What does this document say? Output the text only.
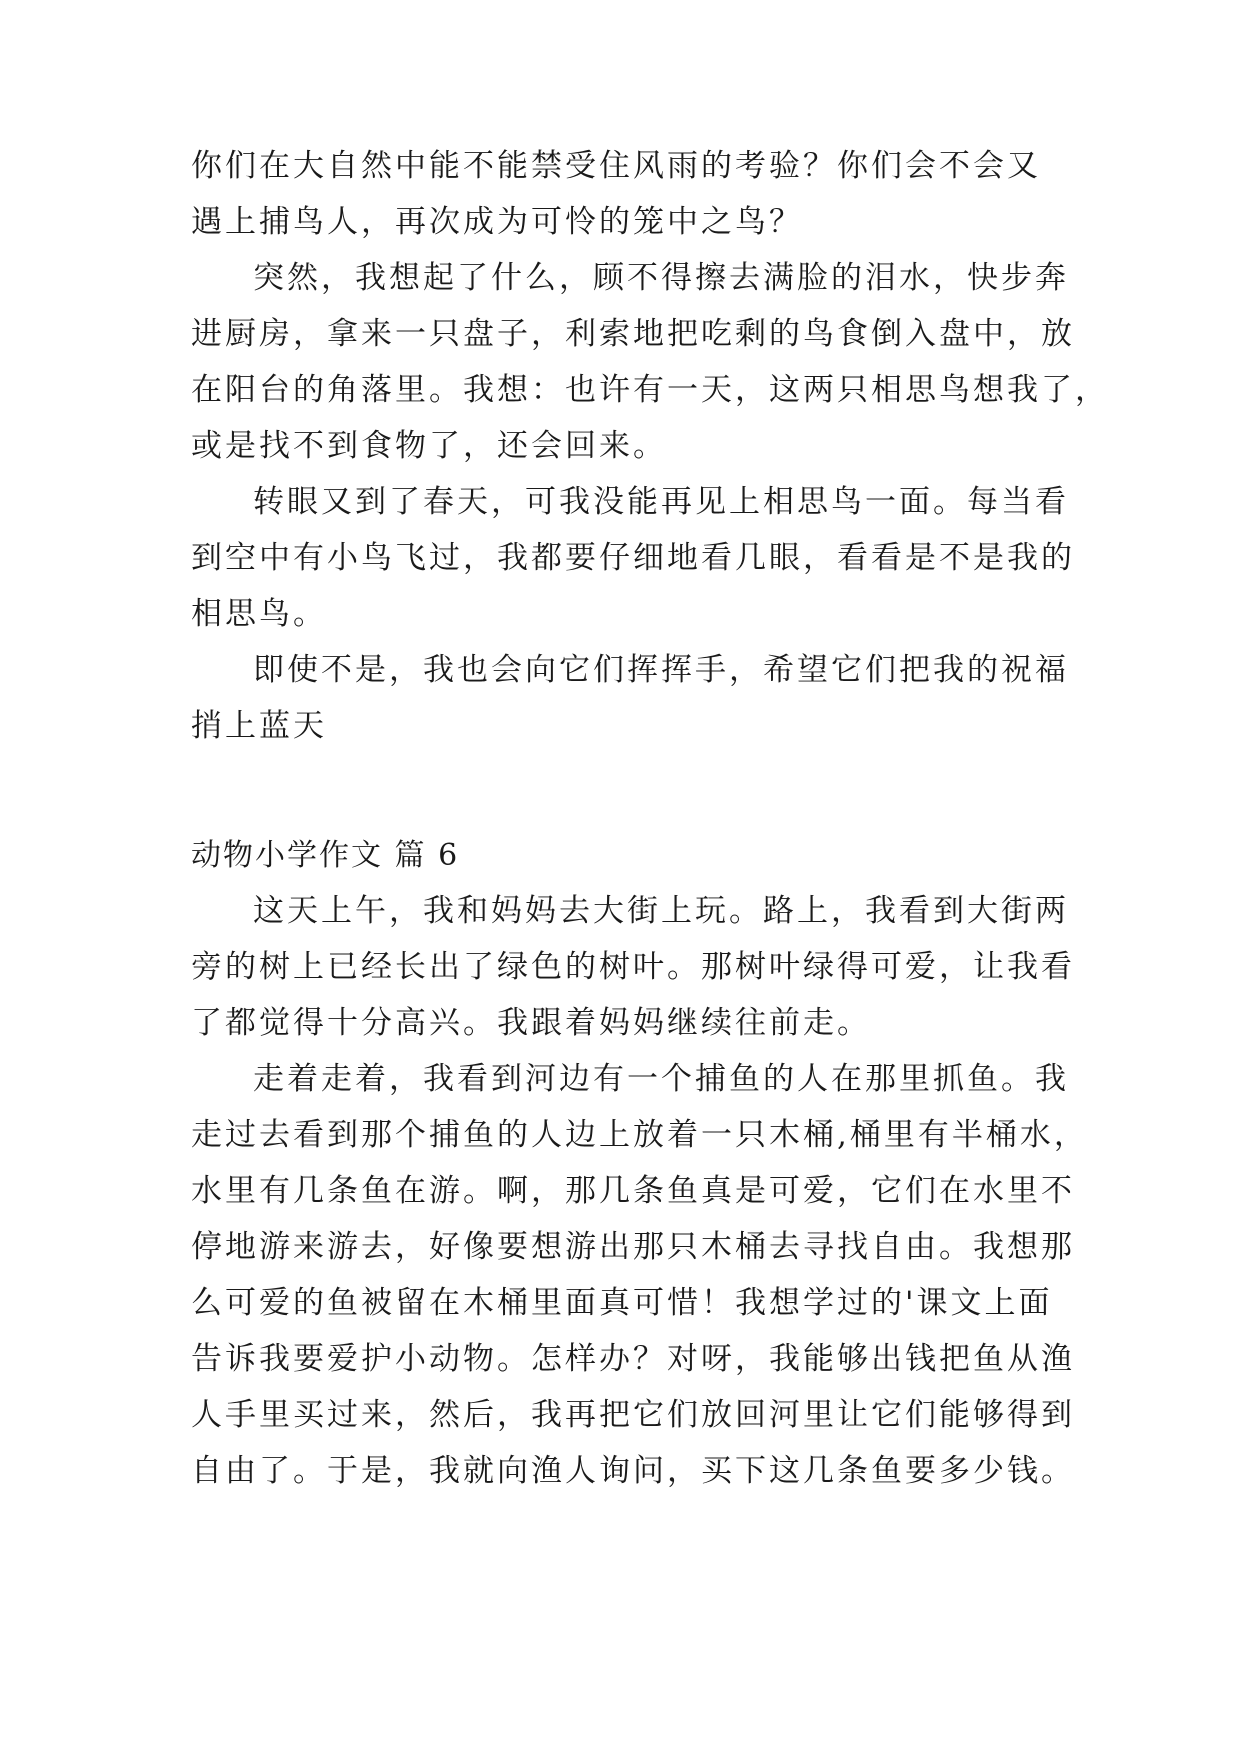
你们在大自然中能不能禁受住风雨的考验？你们会不会又
遇上捕鸟人，再次成为可怜的笼中之鸟？
突然，我想起了什么，顾不得擦去满脸的泪水，快步奔
进厨房，拿来一只盘子，利索地把吃剩的鸟食倒入盘中，放
在阳台的角落里。我想：也许有一天，这两只相思鸟想我了，
或是找不到食物了，还会回来。
转眼又到了春天，可我没能再见上相思鸟一面。每当看
到空中有小鸟飞过，我都要仔细地看几眼，看看是不是我的
相思鸟。
即使不是，我也会向它们挥挥手，希望它们把我的祝福
捎上蓝天
动物小学作文 篇 6
这天上午，我和妈妈去大街上玩。路上，我看到大街两
旁的树上已经长出了绿色的树叶。那树叶绿得可爱，让我看
了都觉得十分高兴。我跟着妈妈继续往前走。
走着走着，我看到河边有一个捕鱼的人在那里抓鱼。我
走过去看到那个捕鱼的人边上放着一只木桶,桶里有半桶水，
水里有几条鱼在游。啊，那几条鱼真是可爱，它们在水里不
停地游来游去，好像要想游出那只木桶去寻找自由。我想那
么可爱的鱼被留在木桶里面真可惜！我想学过的'课文上面
告诉我要爱护小动物。怎样办？对呀，我能够出钱把鱼从渔
人手里买过来，然后，我再把它们放回河里让它们能够得到
自由了。于是，我就向渔人询问，买下这几条鱼要多少钱。
